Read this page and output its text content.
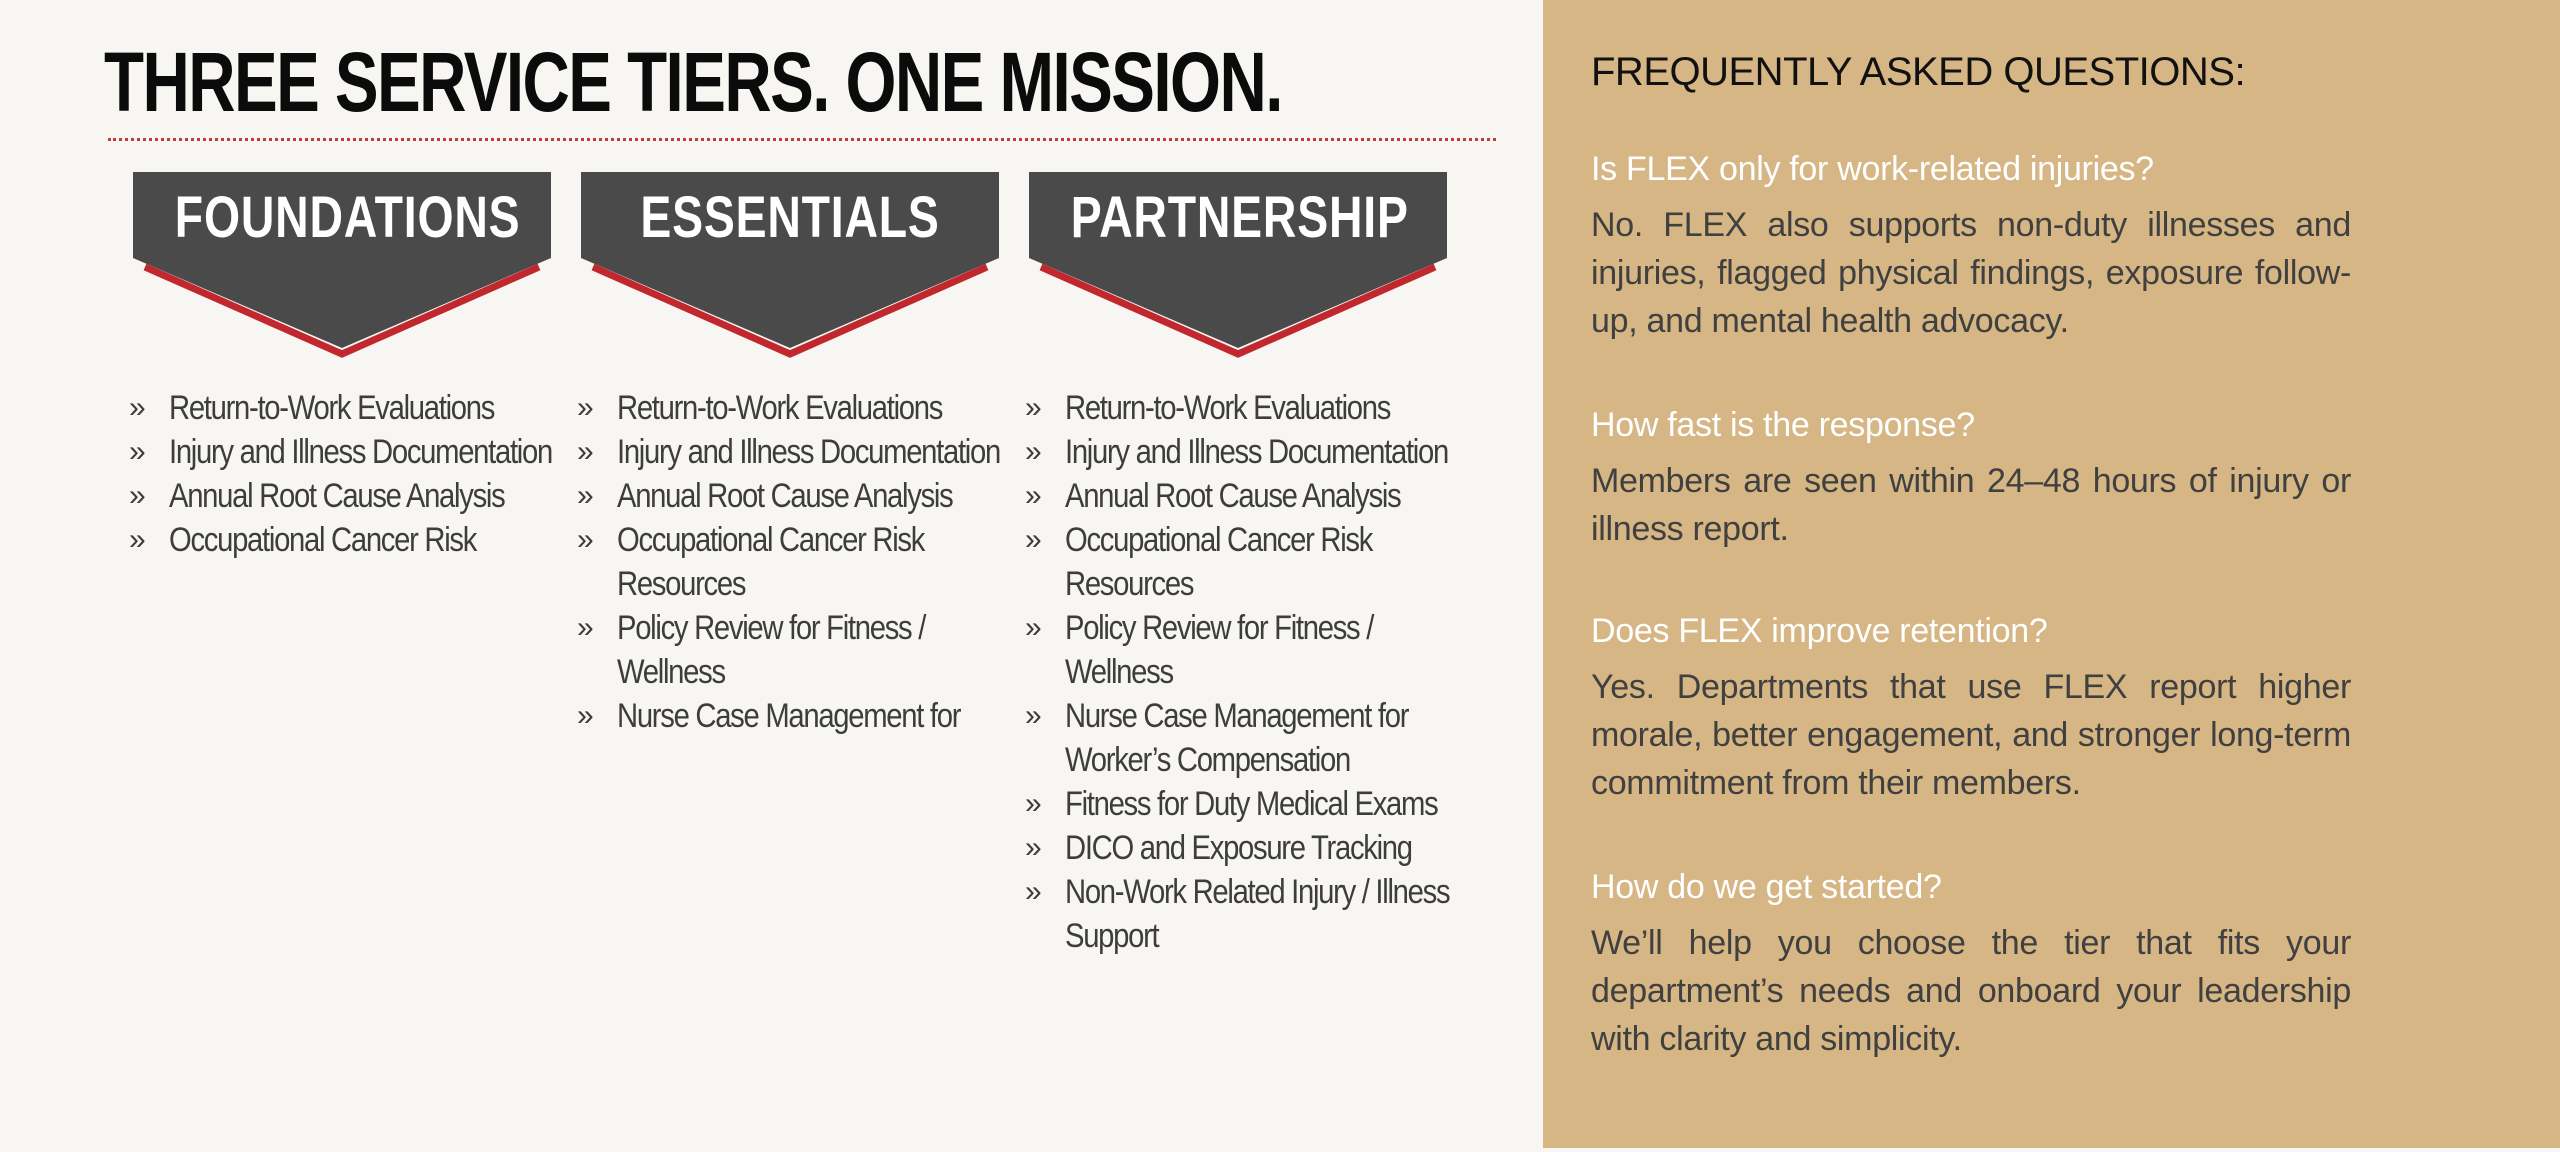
THREE SERVICE TIERS. ONE MISSION.
FOUNDATIONS
» Return-to-Work Evaluations
» Injury and Illness Documentation
» Annual Root Cause Analysis
» Occupational Cancer Risk
ESSENTIALS
» Return-to-Work Evaluations
» Injury and Illness Documentation
» Annual Root Cause Analysis
» Occupational Cancer Risk Resources
» Policy Review for Fitness / Wellness
» Nurse Case Management for
PARTNERSHIP
» Return-to-Work Evaluations
» Injury and Illness Documentation
» Annual Root Cause Analysis
» Occupational Cancer Risk Resources
» Policy Review for Fitness / Wellness
» Nurse Case Management for Worker’s Compensation
» Fitness for Duty Medical Exams
» DICO and Exposure Tracking
» Non-Work Related Injury / Illness Support
FREQUENTLY ASKED QUESTIONS:

Is FLEX only for work-related injuries?

No. FLEX also supports non-duty illnesses and injuries, flagged physical findings, exposure follow-up, and mental health advocacy.

How fast is the response?

Members are seen within 24–48 hours of injury or illness report.

Does FLEX improve retention?

Yes. Departments that use FLEX report higher morale, better engagement, and stronger long-term commitment from their members.

How do we get started?

We’ll help you choose the tier that fits your department’s needs and onboard your leadership with clarity and simplicity.
